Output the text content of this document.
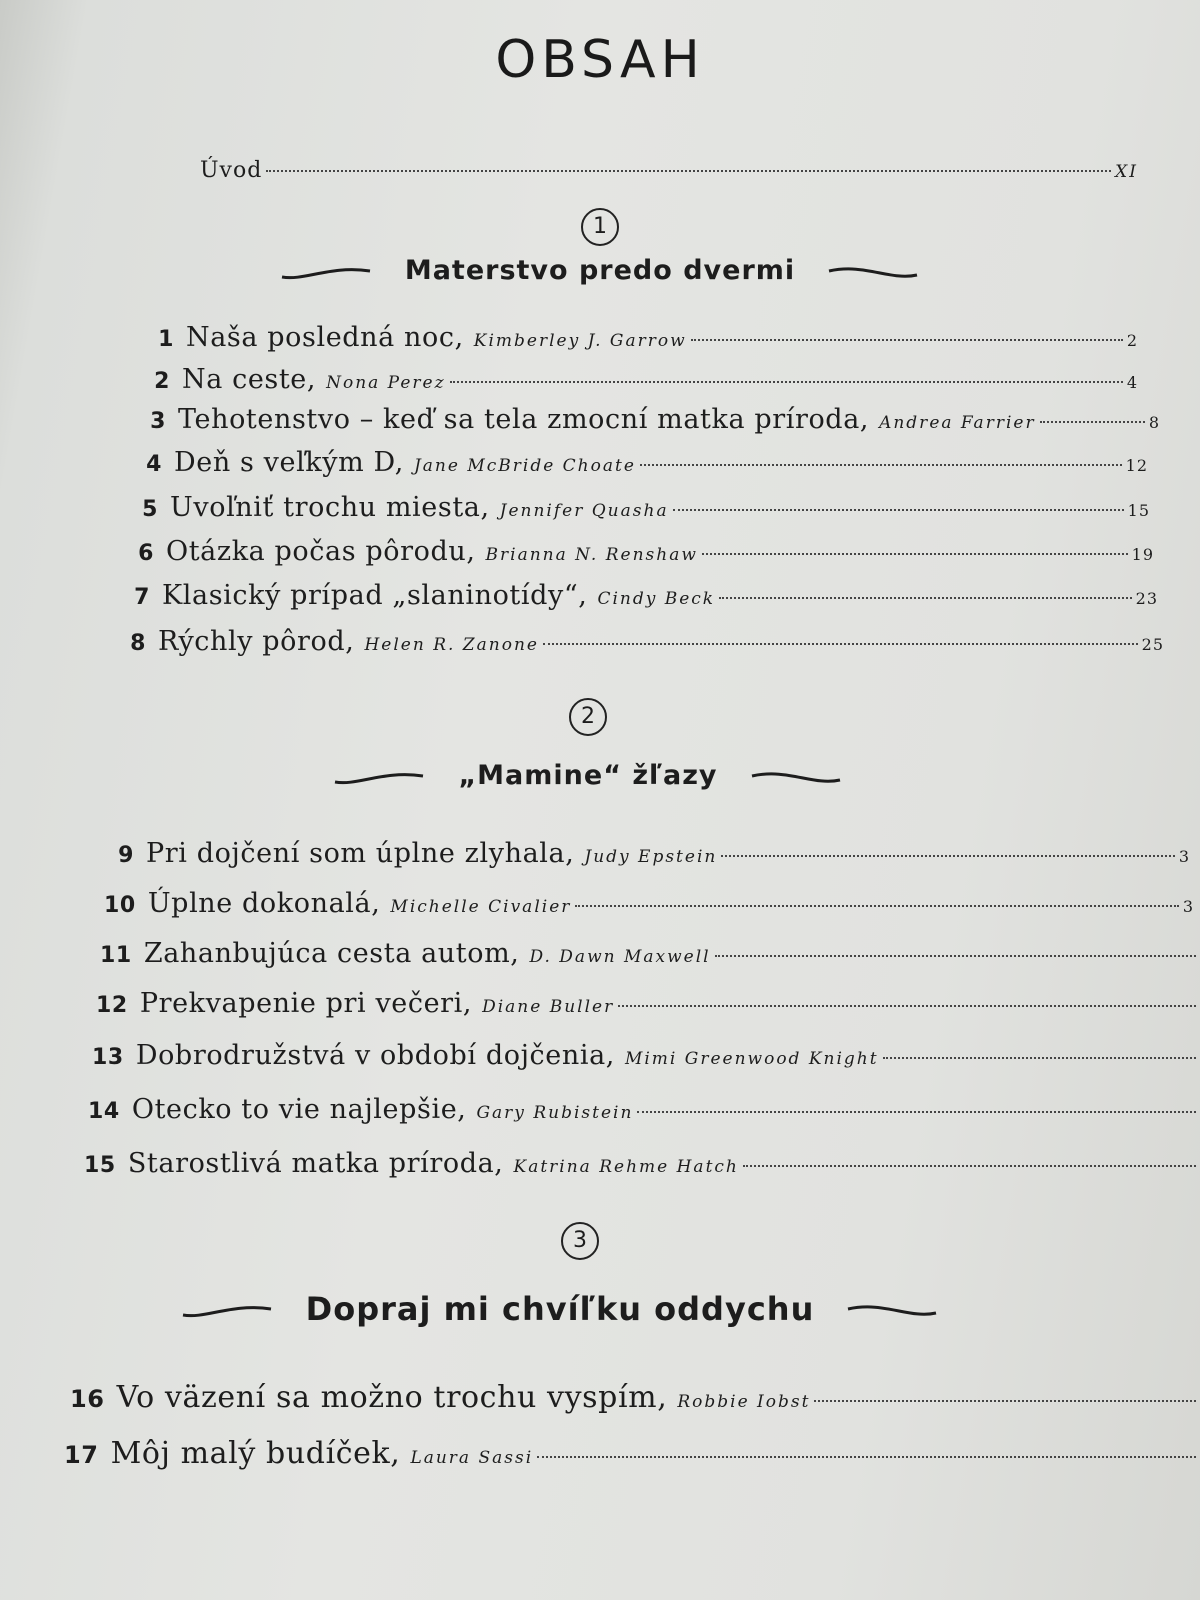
OBSAH
Úvod	XI
1
Materstvo predo dvermi
1 Naša posledná noc, Kimberley J. Garrow	2
2 Na ceste, Nona Perez	4
3 Tehotenstvo – keď sa tela zmocní matka príroda, Andrea Farrier	8
4 Deň s veľkým D, Jane McBride Choate	12
5 Uvoľniť trochu miesta, Jennifer Quasha	15
6 Otázka počas pôrodu, Brianna N. Renshaw	19
7 Klasický prípad „slaninotídy“, Cindy Beck	23
8 Rýchly pôrod, Helen R. Zanone	25
2
„Mamine“ žľazy
9 Pri dojčení som úplne zlyhala, Judy Epstein	3
10 Úplne dokonalá, Michelle Civalier	3
11 Zahanbujúca cesta autom, D. Dawn Maxwell
12 Prekvapenie pri večeri, Diane Buller
13 Dobrodružstvá v období dojčenia, Mimi Greenwood Knight
14 Otecko to vie najlepšie, Gary Rubistein
15 Starostlivá matka príroda, Katrina Rehme Hatch
3
Dopraj mi chvíľku oddychu
16 Vo väzení sa možno trochu vyspím, Robbie Iobst
17 Môj malý budíček, Laura Sassi
